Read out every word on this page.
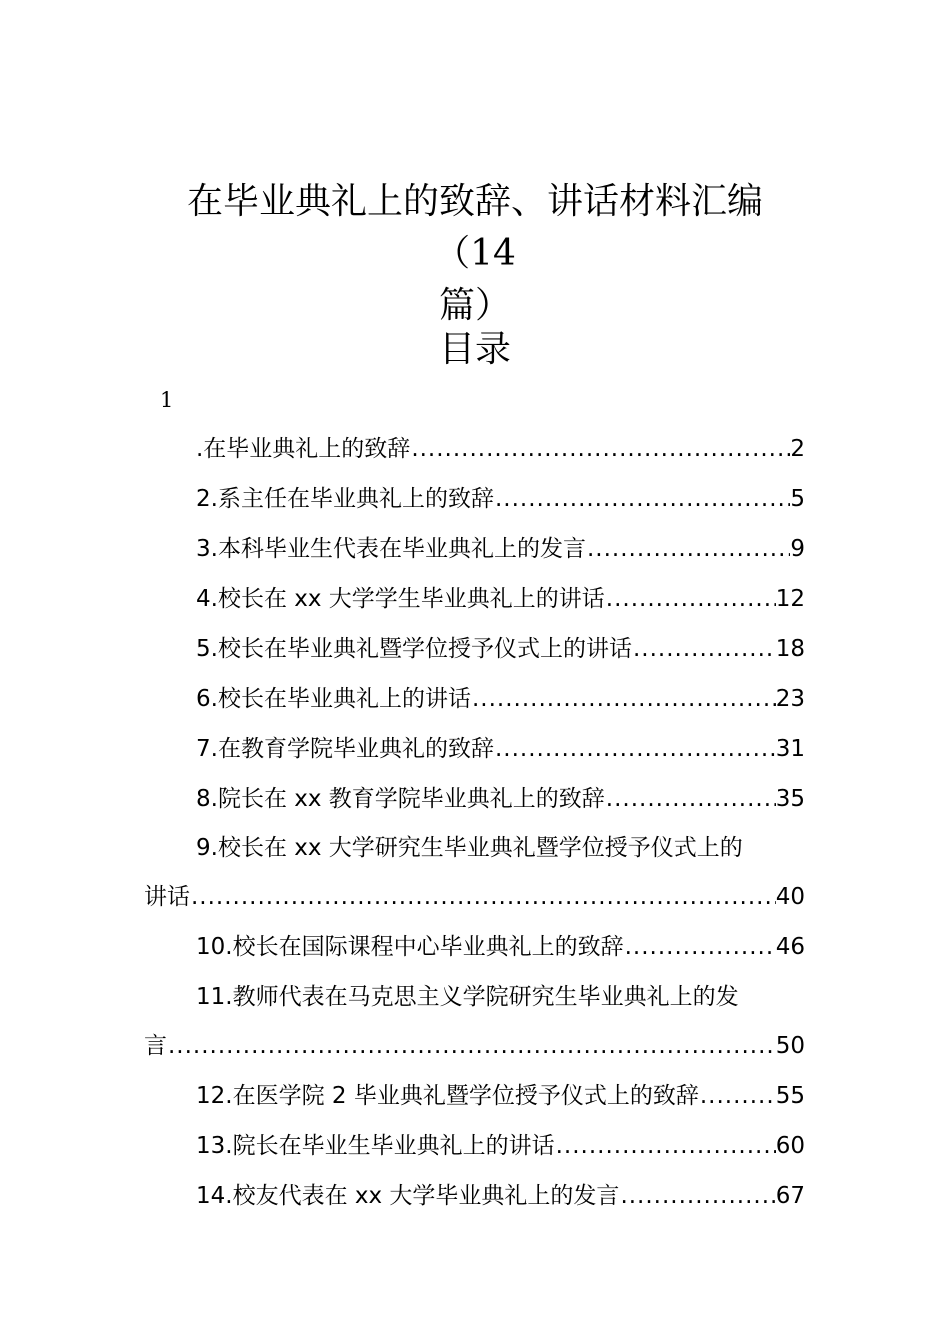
在毕业典礼上的致辞、讲话材料汇编（14
篇）
目录
1
.在毕业典礼上的致辞 .....	2
2.系主任在毕业典礼上的致辞 .....	5
3.本科毕业生代表在毕业典礼上的发言 .....	9
4.校长在 xx 大学学生毕业典礼上的讲话 .....	12
5.校长在毕业典礼暨学位授予仪式上的讲话 .....	18
6.校长在毕业典礼上的讲话 .....	23
7.在教育学院毕业典礼的致辞 .....	31
8.院长在 xx 教育学院毕业典礼上的致辞 .....	35
9.校长在 xx 大学研究生毕业典礼暨学位授予仪式上的
讲话 .....	40
10.校长在国际课程中心毕业典礼上的致辞 .....	46
11.教师代表在马克思主义学院研究生毕业典礼上的发
言 .....	50
12.在医学院 2 毕业典礼暨学位授予仪式上的致辞 .....	55
13.院长在毕业生毕业典礼上的讲话 .....	60
14.校友代表在 xx 大学毕业典礼上的发言 .....	67
